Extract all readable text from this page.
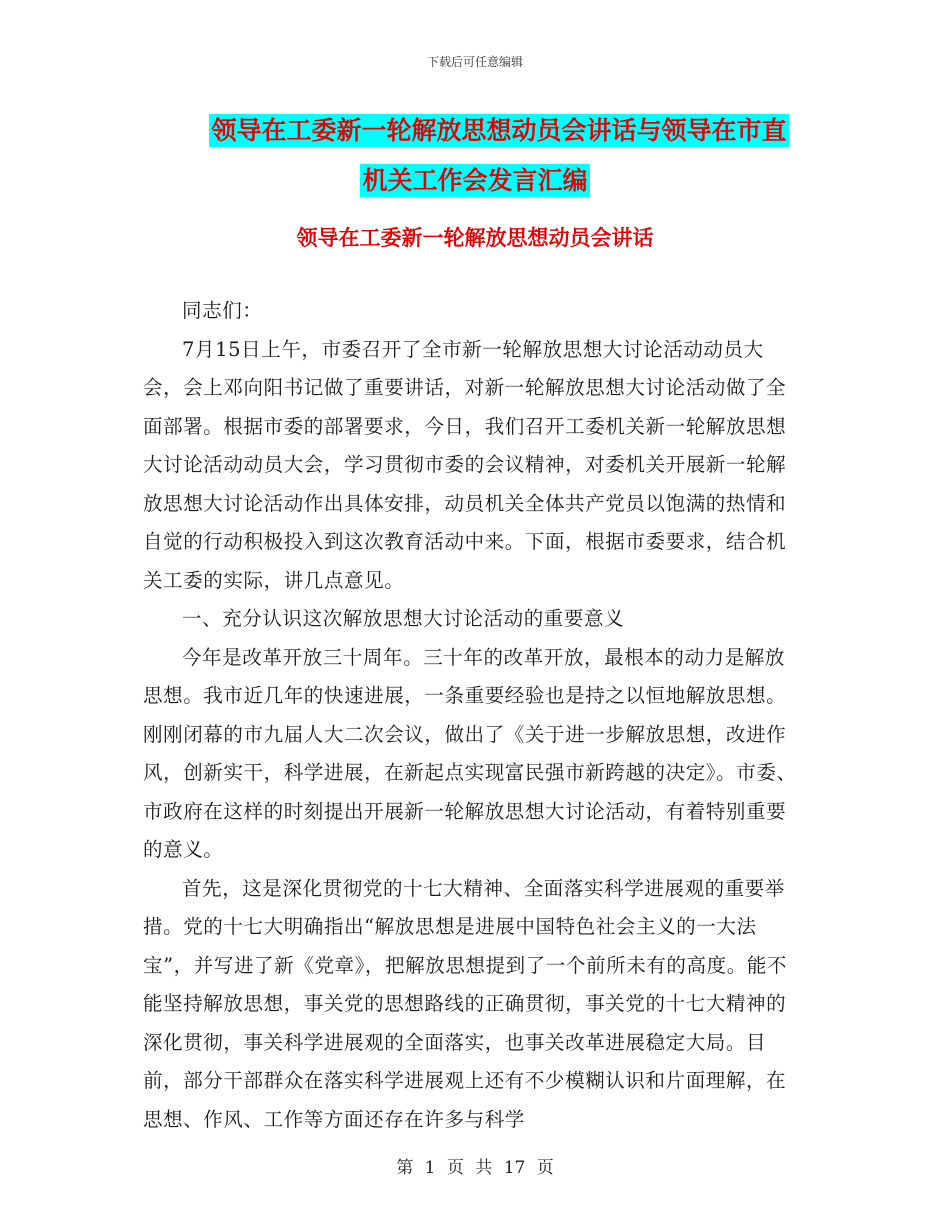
下载后可任意编辑
领导在工委新一轮解放思想动员会讲话与领导在市直
机关工作会发言汇编
领导在工委新一轮解放思想动员会讲话

同志们：

7月15日上午，市委召开了全市新一轮解放思想大讨论活动动员大会，会上邓向阳书记做了重要讲话，对新一轮解放思想大讨论活动做了全面部署。根据市委的部署要求，今日，我们召开工委机关新一轮解放思想大讨论活动动员大会，学习贯彻市委的会议精神，对委机关开展新一轮解放思想大讨论活动作出具体安排，动员机关全体共产党员以饱满的热情和自觉的行动积极投入到这次教育活动中来。下面，根据市委要求，结合机关工委的实际，讲几点意见。

一、充分认识这次解放思想大讨论活动的重要意义

今年是改革开放三十周年。三十年的改革开放，最根本的动力是解放思想。我市近几年的快速进展，一条重要经验也是持之以恒地解放思想。刚刚闭幕的市九届人大二次会议，做出了《关于进一步解放思想，改进作风，创新实干，科学进展，在新起点实现富民强市新跨越的决定》。市委、市政府在这样的时刻提出开展新一轮解放思想大讨论活动，有着特别重要的意义。

首先，这是深化贯彻党的十七大精神、全面落实科学进展观的重要举措。党的十七大明确指出“解放思想是进展中国特色社会主义的一大法宝”，并写进了新《党章》，把解放思想提到了一个前所未有的高度。能不能坚持解放思想，事关党的思想路线的正确贯彻，事关党的十七大精神的深化贯彻，事关科学进展观的全面落实，也事关改革进展稳定大局。目前，部分干部群众在落实科学进展观上还有不少模糊认识和片面理解，在思想、作风、工作等方面还存在许多与科学

第 1 页 共 17 页
